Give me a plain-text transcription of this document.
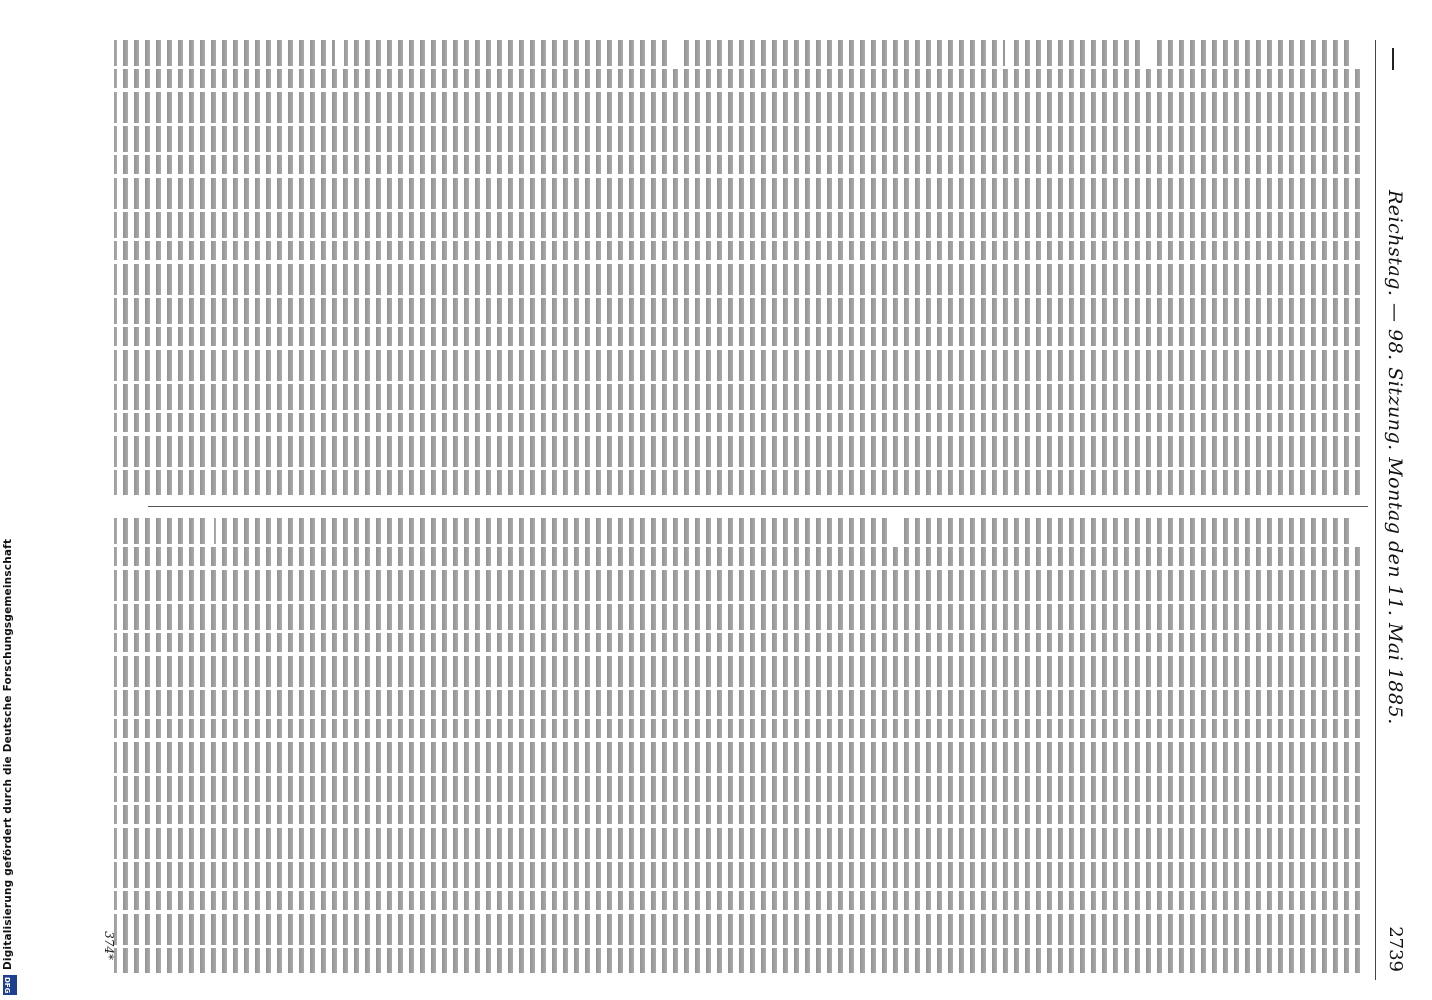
Digitalisierung gefördert durch die Deutsche Forschungsgemeinschaft
DFG
Reichstag. — 98. Sitzung. Montag den 11. Mai 1885.
2739
374*
